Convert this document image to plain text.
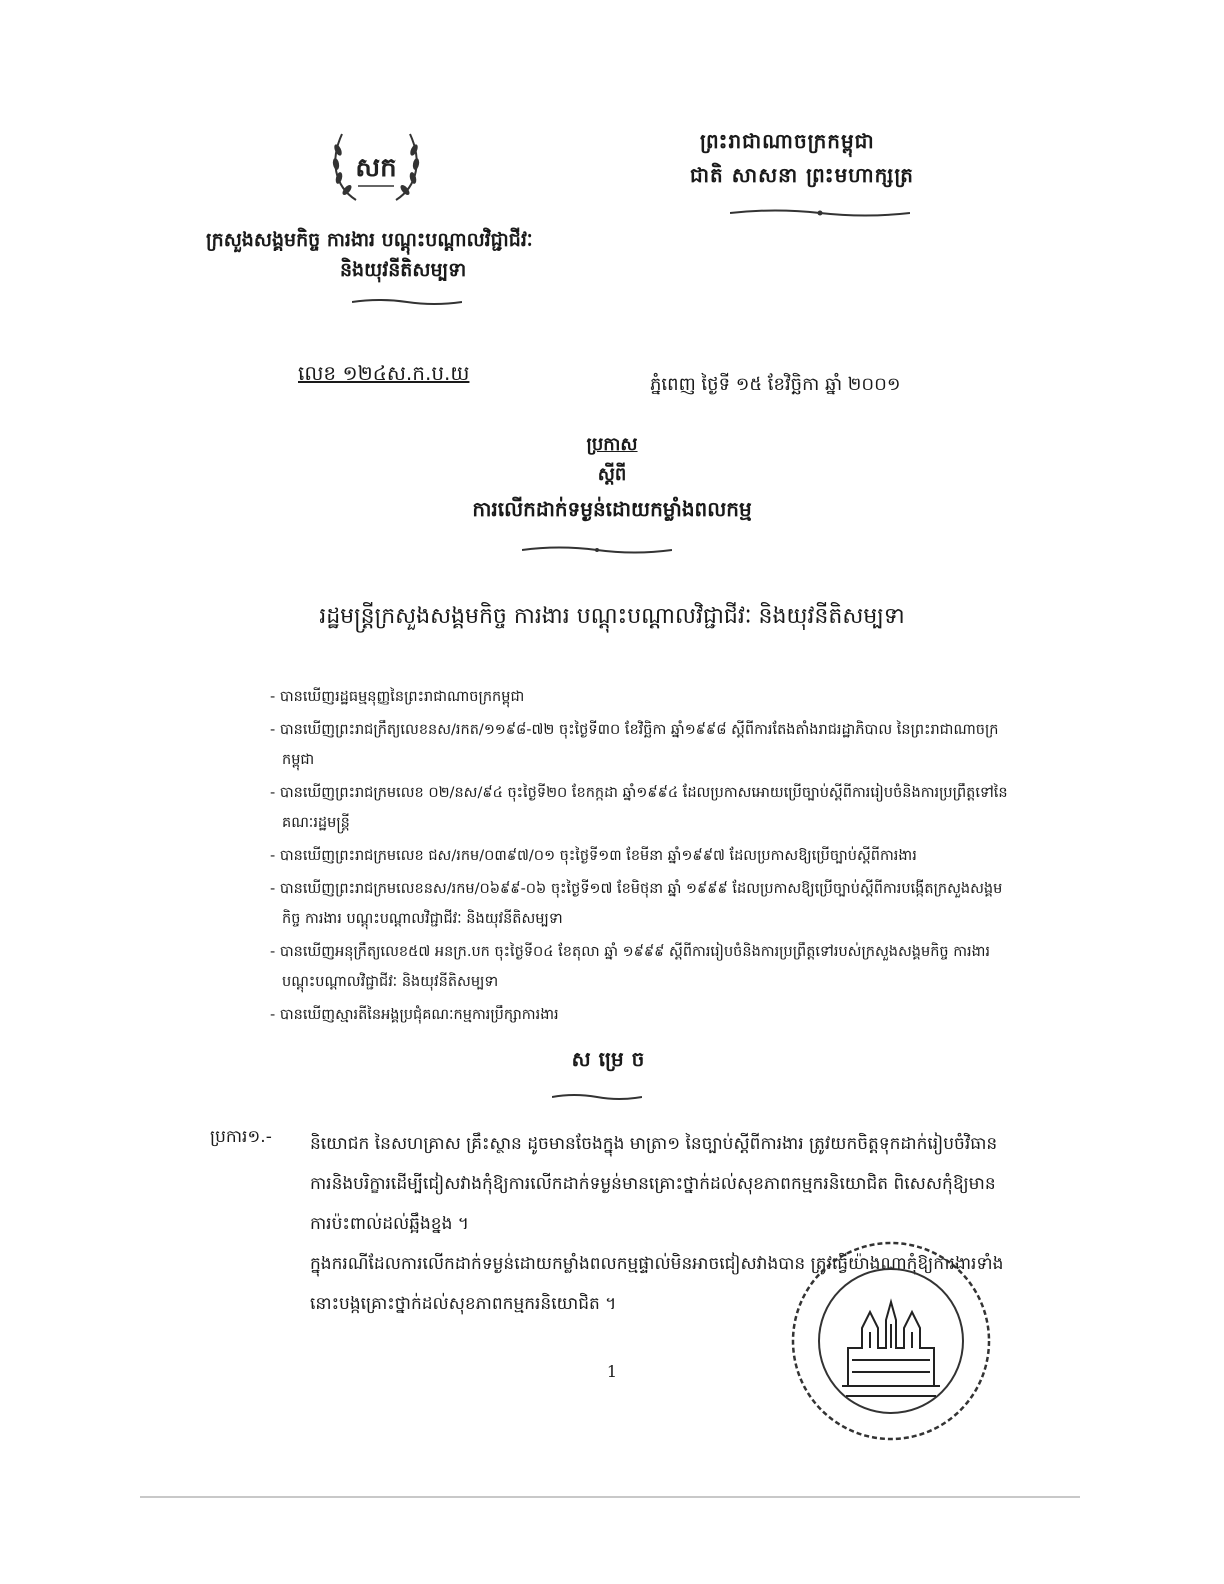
សក
ព្រះរាជាណាចក្រកម្ពុជា
ជាតិ សាសនា ព្រះមហាក្សត្រ
ក្រសួងសង្គមកិច្ច ការងារ បណ្តុះបណ្តាលវិជ្ជាជីវៈ
និងយុវនីតិសម្បទា
លេខ ១២៤ស.ក.ប.យ	ភ្នំពេញ ថ្ងៃទី ១៥ ខែវិច្ឆិកា ឆ្នាំ ២០០១
ប្រកាស
ស្តីពី
ការលើកដាក់ទម្ងន់ដោយកម្លាំងពលកម្ម
រដ្ឋមន្ត្រីក្រសួងសង្គមកិច្ច ការងារ បណ្តុះបណ្តាលវិជ្ជាជីវៈ និងយុវនីតិសម្បទា
- បានឃើញរដ្ឋធម្មនុញ្ញនៃព្រះរាជាណាចក្រកម្ពុជា
- បានឃើញព្រះរាជក្រឹត្យលេខនស/រកត/១១៩៨-៧២ ចុះថ្ងៃទី៣០ ខែវិច្ឆិកា ឆ្នាំ១៩៩៨ ស្តីពីការតែងតាំងរាជរដ្ឋាភិបាល នៃព្រះរាជាណាចក្រកម្ពុជា
- បានឃើញព្រះរាជក្រមលេខ ០២/នស/៩៤ ចុះថ្ងៃទី២០ ខែកក្កដា ឆ្នាំ១៩៩៤ ដែលប្រកាសអោយប្រើច្បាប់ស្តីពីការរៀបចំនិងការប្រព្រឹត្តទៅនៃគណៈរដ្ឋមន្ត្រី
- បានឃើញព្រះរាជក្រមលេខ ជស/រកម/០៣៩៧/០១ ចុះថ្ងៃទី១៣ ខែមីនា ឆ្នាំ១៩៩៧ ដែលប្រកាសឱ្យប្រើច្បាប់ស្តីពីការងារ
- បានឃើញព្រះរាជក្រមលេខនស/រកម/០៦៩៩-០៦ ចុះថ្ងៃទី១៧ ខែមិថុនា ឆ្នាំ ១៩៩៩ ដែលប្រកាសឱ្យប្រើច្បាប់ស្តីពីការបង្កើតក្រសួងសង្គមកិច្ច ការងារ បណ្តុះបណ្តាលវិជ្ជាជីវៈ និងយុវនីតិសម្បទា
- បានឃើញអនុក្រឹត្យលេខ៥៧ អនក្រ.បក ចុះថ្ងៃទី០៤ ខែតុលា ឆ្នាំ ១៩៩៩ ស្តីពីការរៀបចំនិងការប្រព្រឹត្តទៅរបស់ក្រសួងសង្គមកិច្ច ការងារ បណ្តុះបណ្តាលវិជ្ជាជីវៈ និងយុវនីតិសម្បទា
- បានឃើញស្មារតីនៃអង្គប្រជុំគណៈកម្មការប្រឹក្សាការងារ
សម្រេច
ប្រការ១.- និយោជក នៃសហគ្រាស គ្រឹះស្ថាន ដូចមានចែងក្នុង មាត្រា១ នៃច្បាប់ស្តីពីការងារ ត្រូវយកចិត្តទុកដាក់រៀបចំវិធានការនិងបរិក្ខារដើម្បីជៀសវាងកុំឱ្យការលើកដាក់ទម្ងន់មានគ្រោះថ្នាក់ដល់សុខភាពកម្មករនិយោជិត ពិសេសកុំឱ្យមានការប៉ះពាល់ដល់ឆ្អឹងខ្នង ។

ក្នុងករណីដែលការលើកដាក់ទម្ងន់ដោយកម្លាំងពលកម្មផ្ទាល់មិនអាចជៀសវាងបាន ត្រូវធ្វើយ៉ាងណាកុំឱ្យការងារទាំងនោះបង្កគ្រោះថ្នាក់ដល់សុខភាពកម្មករនិយោជិត ។

1
